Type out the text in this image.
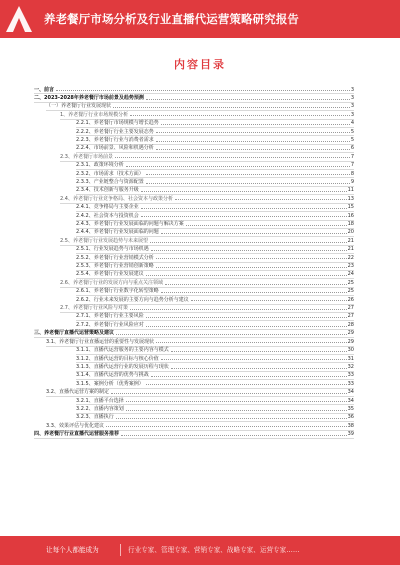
养老餐厅市场分析及行业直播代运营策略研究报告
内容目录
一、前言	3
二、2023-2028年养老餐厅市场前景及趋势预测	3
（一）养老餐厅行业发展现状	3
1、养老餐厅行业市场规模分析	3
2.2.1、养老餐厅市场规模与增长趋势	4
2.2.2、养老餐厅行业主要发展态势	5
2.2.3、养老餐厅行业与消费者需求	5
2.2.4、市场前景、风险和机遇分析	6
2.3、养老餐厅市场前景	7
2.3.1、政策环境分析	7
2.3.2、市场需求（技术方面）	8
2.3.3、产业链整合与资源配置	9
2.3.4、技术创新与服务升级	11
2.4、养老餐厅行业竞争格局、社会资本与政策分析	13
2.4.1、竞争格局与主要企业	15
2.4.2、社会资本与投资机会	16
2.4.3、养老餐厅行业发展面临的问题与解决方案	18
2.4.4、养老餐厅行业发展面临的问题	20
2.5、养老餐厅行业发展趋势与未来展望	21
2.5.1、行业发展趋势与市场机遇	21
2.5.2、养老餐厅行业营销模式分析	22
2.5.3、养老餐厅行业营销创新策略	23
2.5.4、养老餐厅行业发展建议	24
2.6、养老餐厅行业的发展方向与重点关注领域	25
2.6.1、养老餐厅行业数字化转型策略	25
2.6.2、行业未来发展的主要方向与趋势分析与建议	26
2.7、养老餐厅行业风险与对策	27
2.7.1、养老餐厅行业主要风险	27
2.7.2、养老餐厅行业风险应对	28
三、养老餐厅直播代运营策略及建议	29
3.1、养老餐厅行业直播运营的重要性与发展现状	29
3.1.1、直播代运营服务的主要内容与模式	30
3.1.2、直播代运营的目标与核心价值	31
3.1.3、直播代运营行业的发展历程与现状	32
3.1.4、直播代运营的优势与挑战	33
3.1.5、案例分析（优秀案例）	33
3.2、直播代运营方案的制定	34
3.2.1、直播平台选择	34
3.2.2、直播内容策划	35
3.2.3、直播执行	36
3.3、效果评估与优化建议	38
四、养老餐厅行业直播代运营服务推荐	39
让每个人都能成为	行业专家、管理专家、营销专家、战略专家、运营专家……
